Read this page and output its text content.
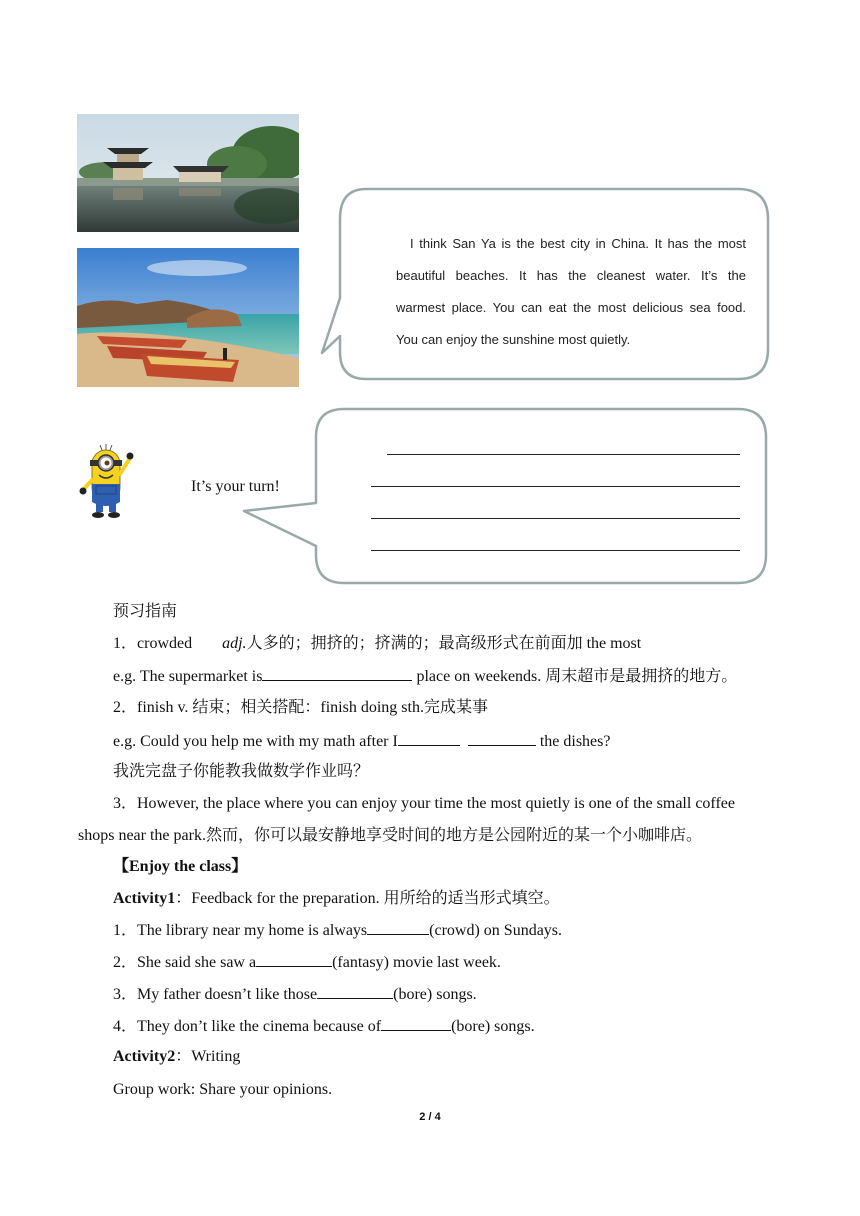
I think San Ya is the best city in China. It has the most
beautiful beaches. It has the cleanest water. It’s the
warmest place. You can eat the most delicious sea food.
You can enjoy the sunshine most quietly.
It’s your turn!
预习指南
1．crowded adj.人多的；拥挤的；挤满的；最高级形式在前面加 the most
e.g. The supermarket is	place on weekends. 周末超市是最拥挤的地方。
2．finish v. 结束；相关搭配：finish doing sth.完成某事
e.g. Could you help me with my math after I	the dishes?
我洗完盘子你能教我做数学作业吗？
3．However, the place where you can enjoy your time the most quietly is one of the small coffee
shops near the park.然而，你可以最安静地享受时间的地方是公园附近的某一个小咖啡店。
【Enjoy the class】
Activity1：Feedback for the preparation. 用所给的适当形式填空。
1．The library near my home is always	(crowd) on Sundays.
2．She said she saw a	(fantasy) movie last week.
3．My father doesn’t like those	(bore) songs.
4．They don’t like the cinema because of	(bore) songs.
Activity2：Writing
Group work: Share your opinions.
2 / 4
